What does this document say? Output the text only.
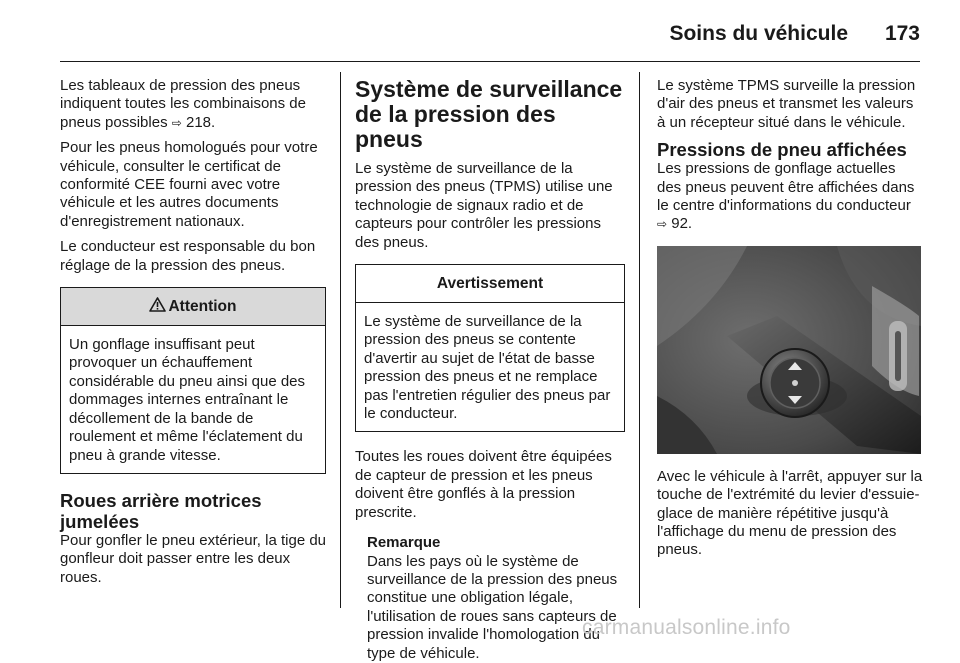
Soins du véhicule 173

Les tableaux de pression des pneus indiquent toutes les combinaisons de pneus possibles ⇨ 218.

Pour les pneus homologués pour votre véhicule, consulter le certificat de conformité CEE fourni avec votre véhicule et les autres documents d'enregistrement nationaux.

Le conducteur est responsable du bon réglage de la pression des pneus.

Attention
Un gonflage insuffisant peut provoquer un échauffement considérable du pneu ainsi que des dommages internes entraînant le décollement de la bande de roulement et même l'éclatement du pneu à grande vitesse.
Roues arrière motrices jumelées

Pour gonfler le pneu extérieur, la tige du gonfleur doit passer entre les deux roues.

Système de surveillance de la pression des pneus

Le système de surveillance de la pression des pneus (TPMS) utilise une technologie de signaux radio et de capteurs pour contrôler les pressions des pneus.

Avertissement
Le système de surveillance de la pression des pneus se contente d'avertir au sujet de l'état de basse pression des pneus et ne remplace pas l'entretien régulier des pneus par le conducteur.

Toutes les roues doivent être équipées de capteur de pression et les pneus doivent être gonflés à la pression prescrite.

Remarque
Dans les pays où le système de surveillance de la pression des pneus constitue une obligation légale, l'utilisation de roues sans capteurs de pression invalide l'homologation du type de véhicule.

Le système TPMS surveille la pression d'air des pneus et transmet les valeurs à un récepteur situé dans le véhicule.

Pressions de pneu affichées

Les pressions de gonflage actuelles des pneus peuvent être affichées dans le centre d'informations du conducteur ⇨ 92.

Avec le véhicule à l'arrêt, appuyer sur la touche de l'extrémité du levier d'essuie-glace de manière répétitive jusqu'à l'affichage du menu de pression des pneus.

carmanualsonline.info
